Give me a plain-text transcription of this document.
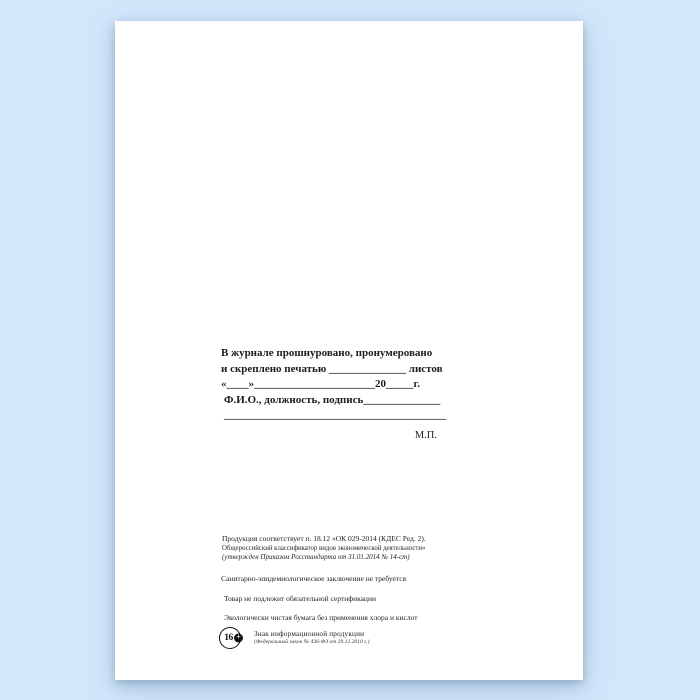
В журнале прошнуровано, пронумеровано
и скреплено печатью ______________ листов
«____»______________________20_____г.
Ф.И.О., должность, подпись______________
_______________________________________
М.П.
Продукция соответствует п. 18.12 «ОК 029-2014 (КДЕС Ред. 2).
Общероссийский классификатор видов экономической деятельности»
(утвержден Приказом Росстандарта от 31.01.2014 № 14-ст)
Санитарно-эпидемиологическое заключение не требуется
Товар не подлежит обязательной сертификации
Экологически чистая бумага без применения хлора и кислот
16 +	Знак информационной продукции
(Федеральный закон № 436-ФЗ от 29.12.2010 г.)
